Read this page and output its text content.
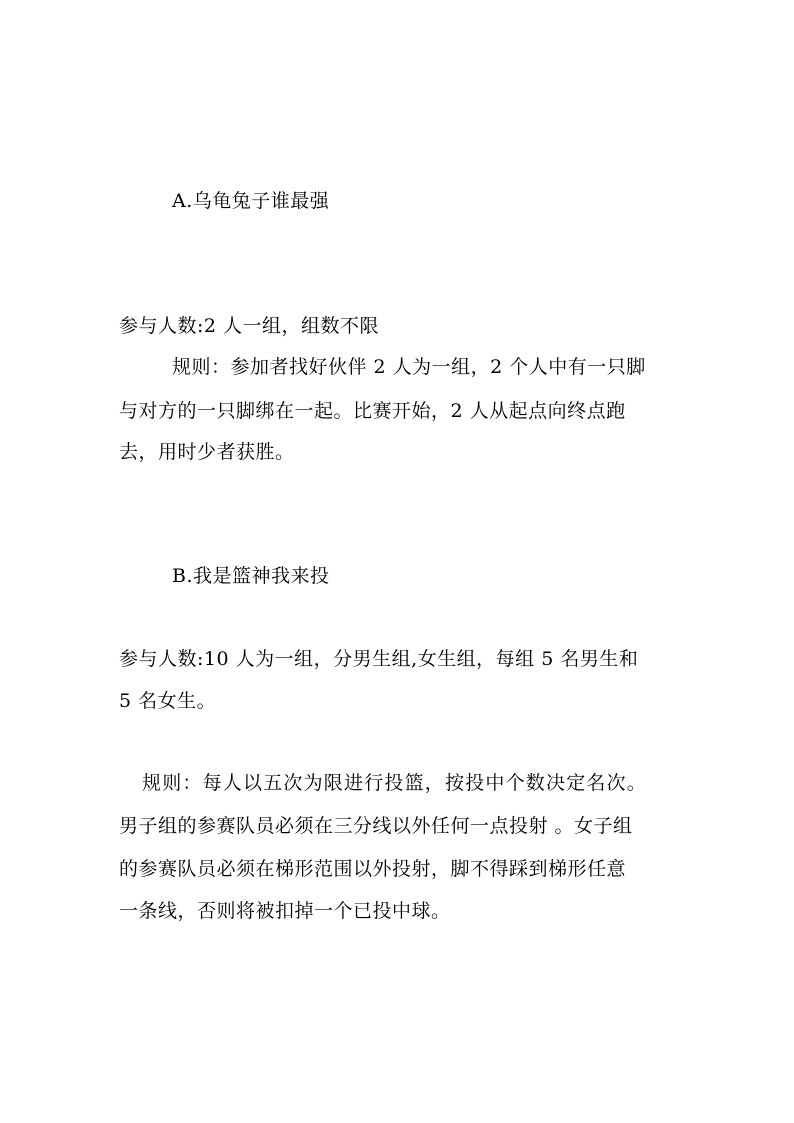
A.乌龟兔子谁最强
参与人数:2 人一组，组数不限
规则：参加者找好伙伴 2 人为一组，2 个人中有一只脚
与对方的一只脚绑在一起。比赛开始，2 人从起点向终点跑
去，用时少者获胜。
B.我是篮神我来投
参与人数:10 人为一组，分男生组,女生组，每组 5 名男生和
5 名女生。
规则：每人以五次为限进行投篮，按投中个数决定名次。
男子组的参赛队员必须在三分线以外任何一点投射 。女子组
的参赛队员必须在梯形范围以外投射，脚不得踩到梯形任意
一条线，否则将被扣掉一个已投中球。
